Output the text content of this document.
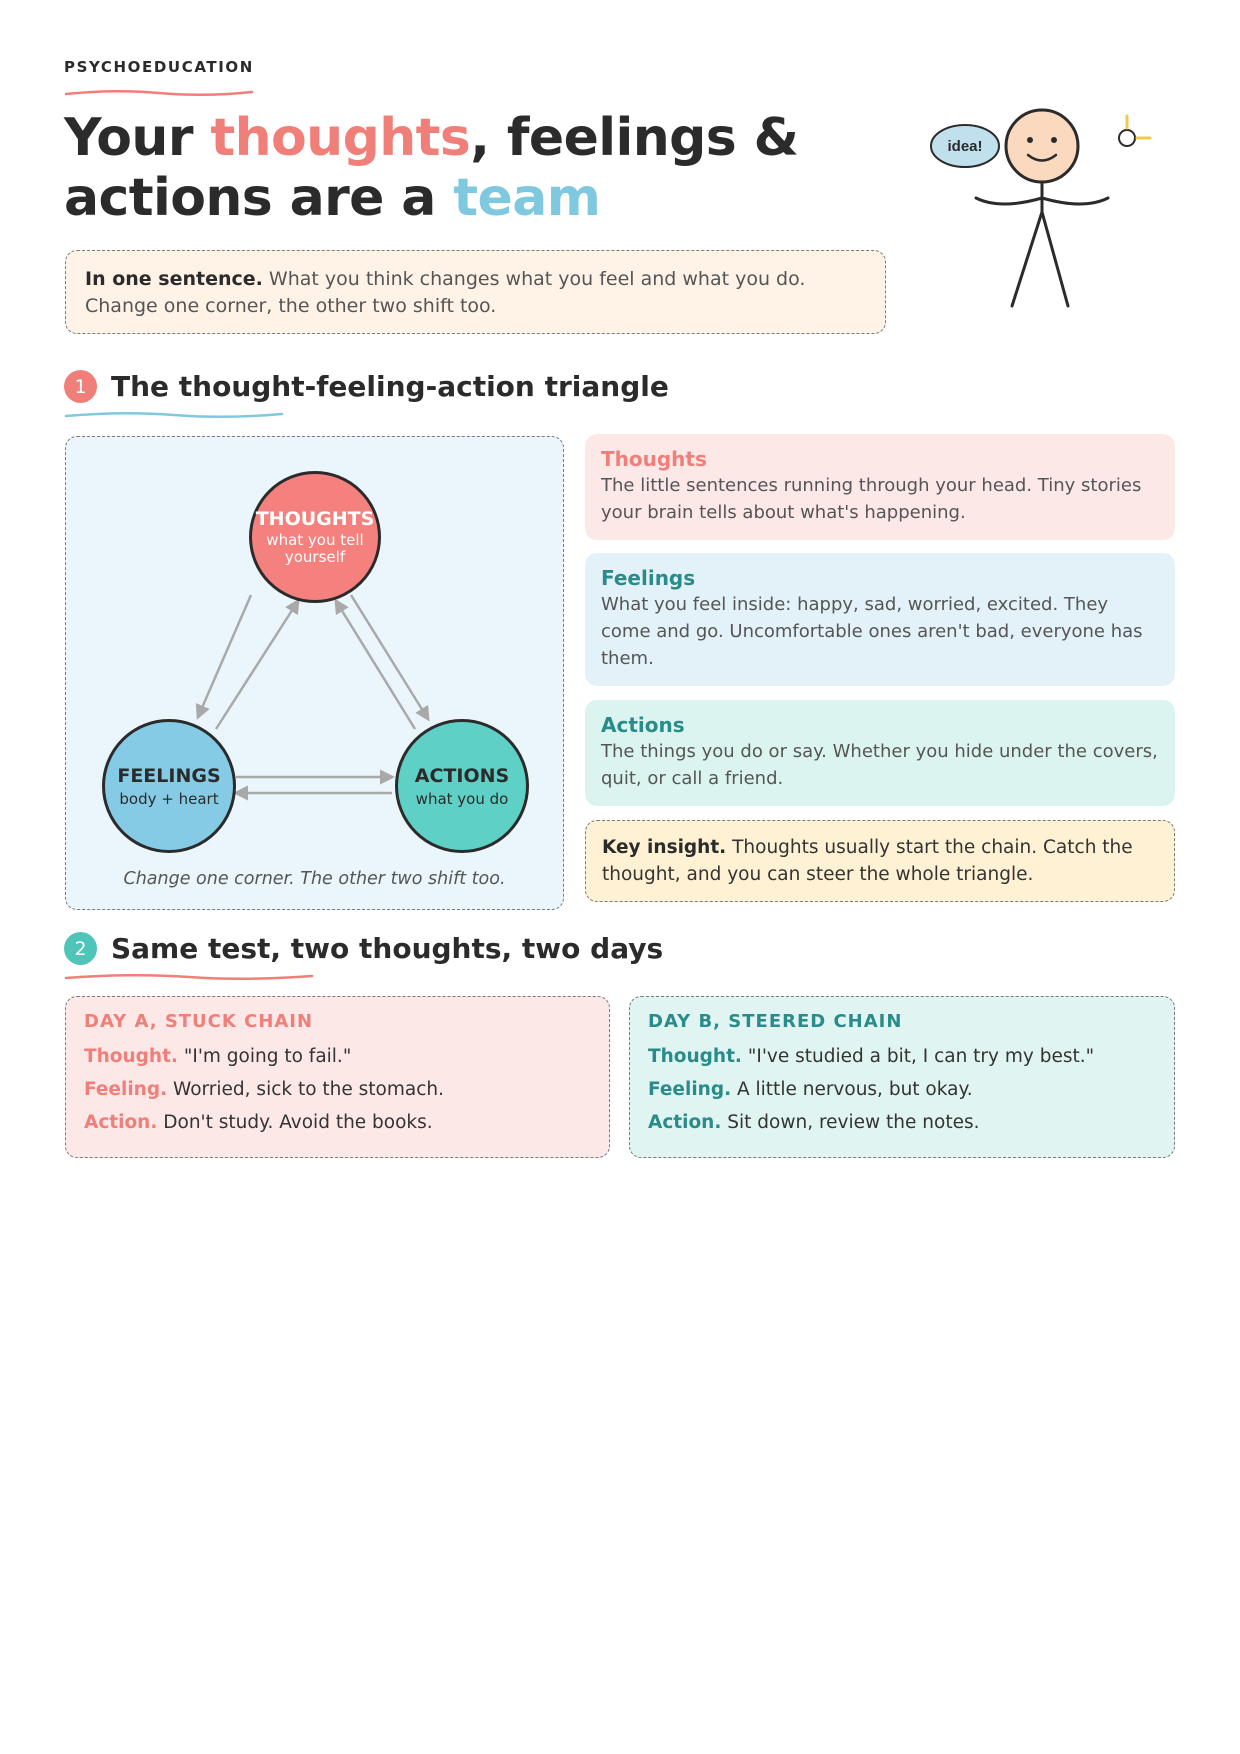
PSYCHOEDUCATION
Your thoughts, feelings &
actions are a team
idea!
In one sentence. What you think changes what you feel and what you do. Change one corner, the other two shift too.
1 The thought-feeling-action triangle
THOUGHTS
what you tell yourself
FEELINGS
body + heart
ACTIONS
what you do
Change one corner. The other two shift too.
Thoughts
The little sentences running through your head. Tiny stories your brain tells about what's happening.
Feelings
What you feel inside: happy, sad, worried, excited. They come and go. Uncomfortable ones aren't bad, everyone has them.
Actions
The things you do or say. Whether you hide under the covers, quit, or call a friend.
Key insight. Thoughts usually start the chain. Catch the thought, and you can steer the whole triangle.
2 Same test, two thoughts, two days
DAY A, STUCK CHAIN
Thought. "I'm going to fail."
Feeling. Worried, sick to the stomach.
Action. Don't study. Avoid the books.
DAY B, STEERED CHAIN
Thought. "I've studied a bit, I can try my best."
Feeling. A little nervous, but okay.
Action. Sit down, review the notes.
